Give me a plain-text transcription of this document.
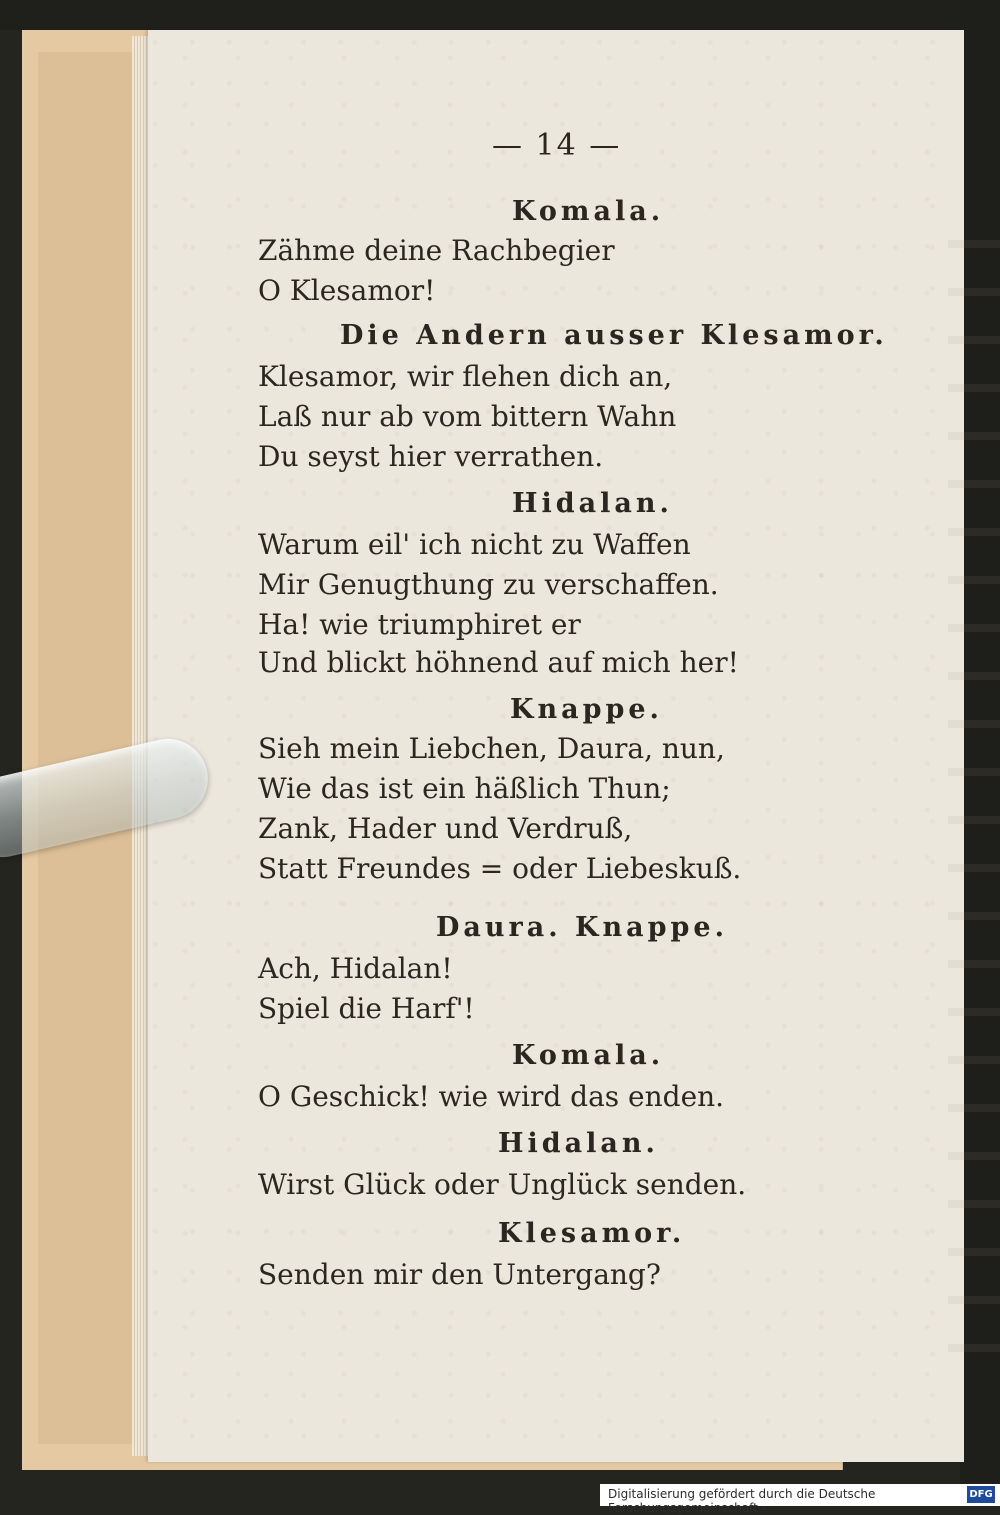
— 14 —
Komala.
Zähme deine Rachbegier
O Klesamor!
Die Andern ausser Klesamor.
Klesamor, wir flehen dich an,
Laß nur ab vom bittern Wahn
Du seyst hier verrathen.
Hidalan.
Warum eil' ich nicht zu Waffen
Mir Genugthung zu verschaffen.
Ha! wie triumphiret er
Und blickt höhnend auf mich her!
Knappe.
Sieh mein Liebchen, Daura, nun,
Wie das ist ein häßlich Thun;
Zank, Hader und Verdruß,
Statt Freundes = oder Liebeskuß.
Daura. Knappe.
Ach, Hidalan!
Spiel die Harf'!
Komala.
O Geschick! wie wird das enden.
Hidalan.
Wirst Glück oder Unglück senden.
Klesamor.
Senden mir den Untergang?
Digitalisierung gefördert durch die Deutsche Forschungsgemeinschaft -
DFG
